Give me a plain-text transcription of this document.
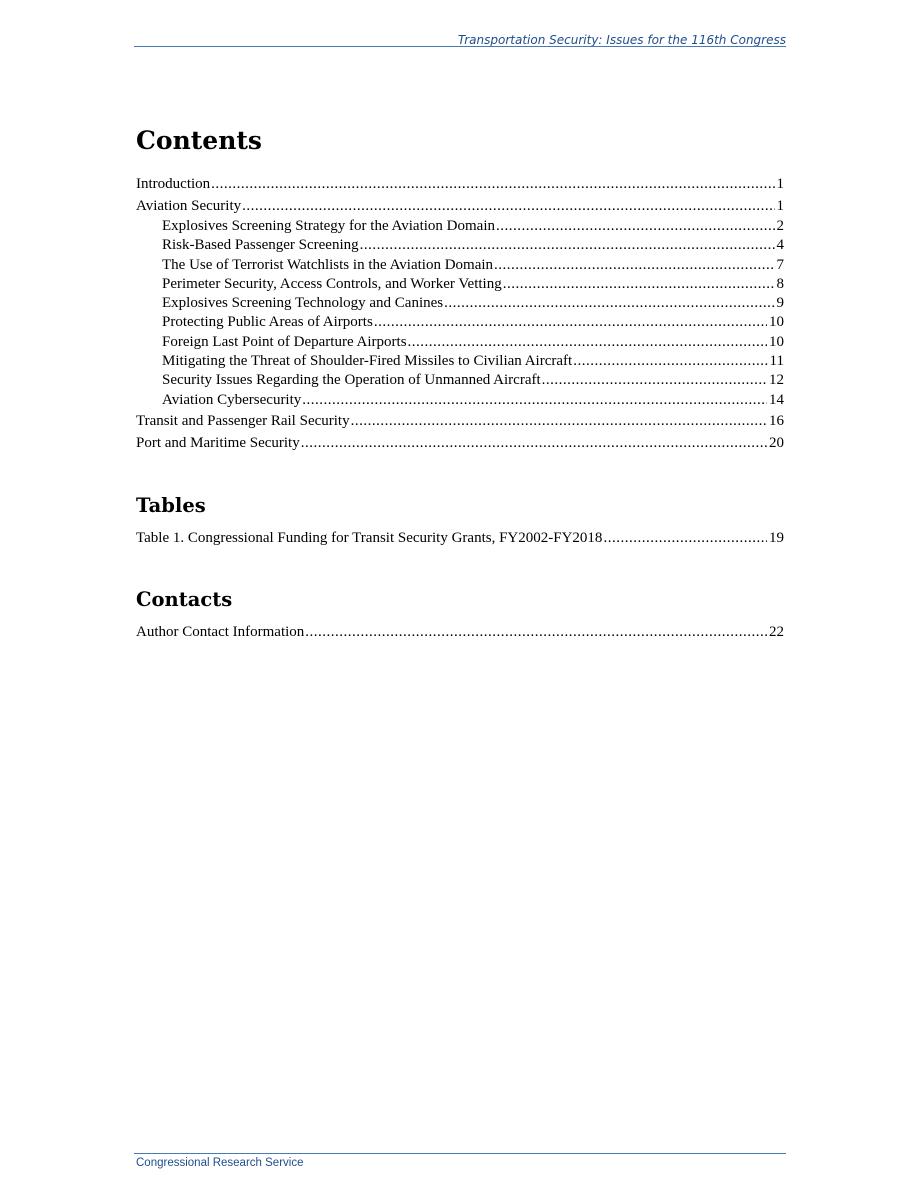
Transportation Security: Issues for the 116th Congress
Contents
Introduction .....	1
Aviation Security .....	1
Explosives Screening Strategy for the Aviation Domain .....	2
Risk-Based Passenger Screening .....	4
The Use of Terrorist Watchlists in the Aviation Domain .....	7
Perimeter Security, Access Controls, and Worker Vetting .....	8
Explosives Screening Technology and Canines .....	9
Protecting Public Areas of Airports .....	10
Foreign Last Point of Departure Airports .....	10
Mitigating the Threat of Shoulder-Fired Missiles to Civilian Aircraft .....	11
Security Issues Regarding the Operation of Unmanned Aircraft .....	12
Aviation Cybersecurity .....	14
Transit and Passenger Rail Security .....	16
Port and Maritime Security .....	20
Tables
Table 1. Congressional Funding for Transit Security Grants, FY2002-FY2018 .....	19
Contacts
Author Contact Information .....	22
Congressional Research Service
